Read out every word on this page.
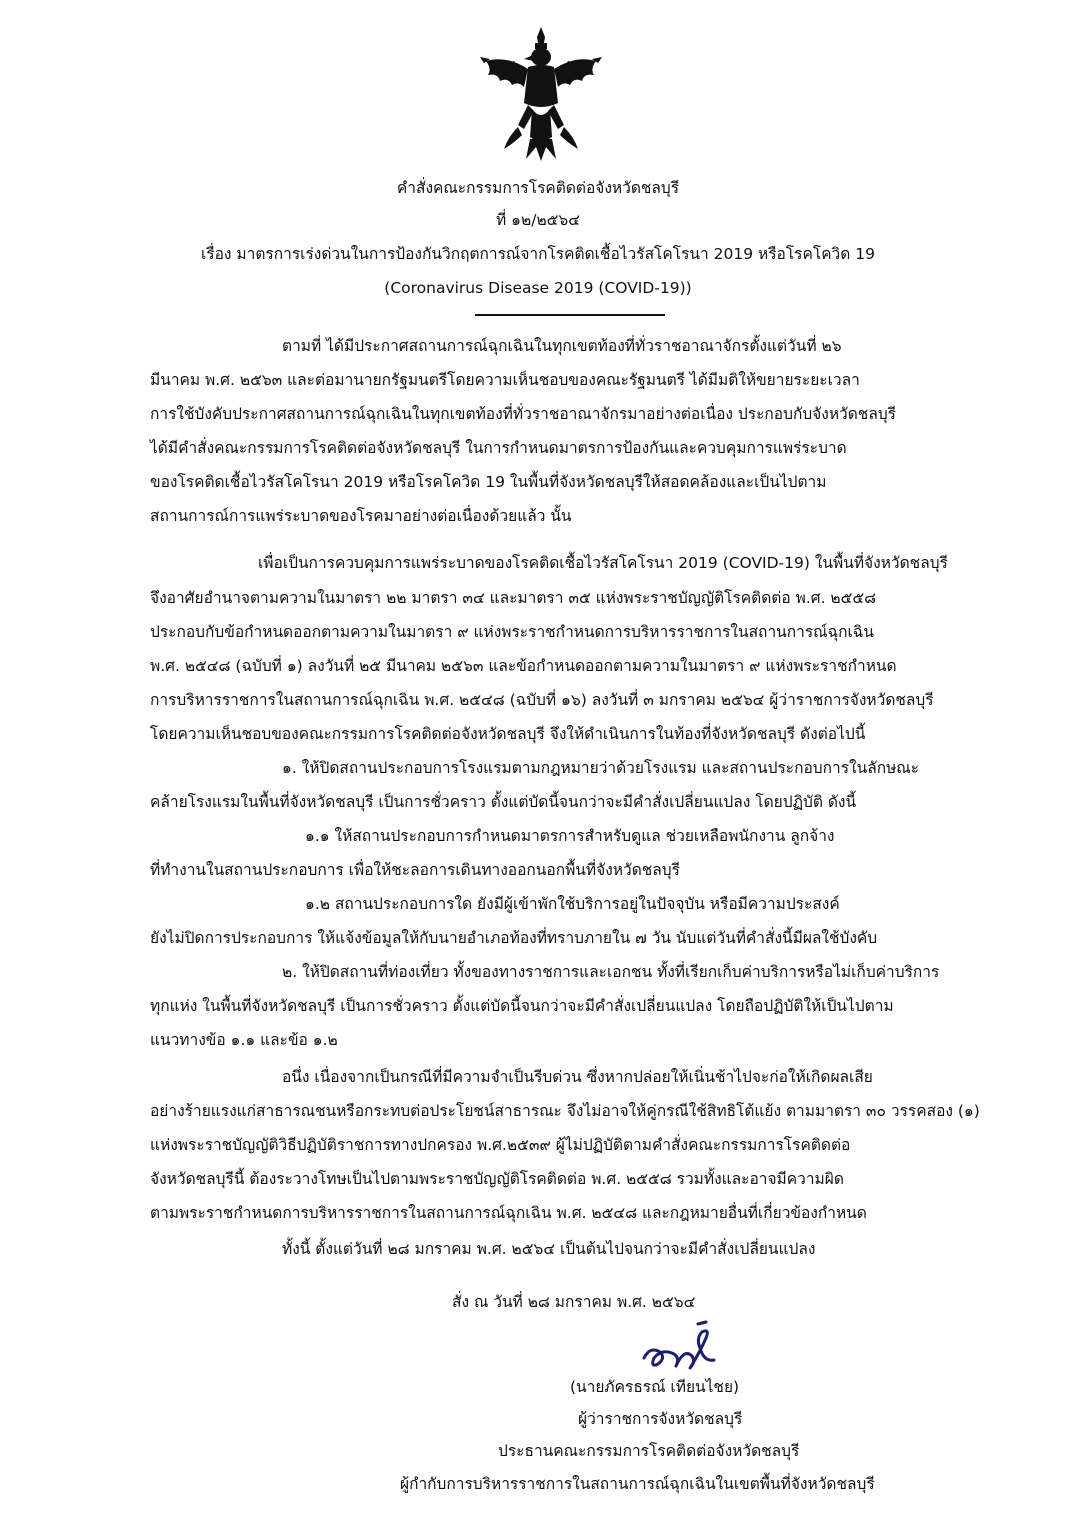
คำสั่งคณะกรรมการโรคติดต่อจังหวัดชลบุรี
ที่ ๑๒/๒๕๖๔
เรื่อง มาตรการเร่งด่วนในการป้องกันวิกฤตการณ์จากโรคติดเชื้อไวรัสโคโรนา 2019 หรือโรคโควิด 19
(Coronavirus Disease 2019 (COVID-19))
ตามที่ ได้มีประกาศสถานการณ์ฉุกเฉินในทุกเขตท้องที่ทั่วราชอาณาจักรตั้งแต่วันที่ ๒๖
มีนาคม พ.ศ. ๒๕๖๓ และต่อมานายกรัฐมนตรีโดยความเห็นชอบของคณะรัฐมนตรี ได้มีมติให้ขยายระยะเวลา
การใช้บังคับประกาศสถานการณ์ฉุกเฉินในทุกเขตท้องที่ทั่วราชอาณาจักรมาอย่างต่อเนื่อง ประกอบกับจังหวัดชลบุรี
ได้มีคำสั่งคณะกรรมการโรคติดต่อจังหวัดชลบุรี ในการกำหนดมาตรการป้องกันและควบคุมการแพร่ระบาด
ของโรคติดเชื้อไวรัสโคโรนา 2019 หรือโรคโควิด 19 ในพื้นที่จังหวัดชลบุรีให้สอดคล้องและเป็นไปตาม
สถานการณ์การแพร่ระบาดของโรคมาอย่างต่อเนื่องด้วยแล้ว นั้น
เพื่อเป็นการควบคุมการแพร่ระบาดของโรคติดเชื้อไวรัสโคโรนา 2019 (COVID-19) ในพื้นที่จังหวัดชลบุรี
จึงอาศัยอำนาจตามความในมาตรา ๒๒ มาตรา ๓๔ และมาตรา ๓๕ แห่งพระราชบัญญัติโรคติดต่อ พ.ศ. ๒๕๕๘
ประกอบกับข้อกำหนดออกตามความในมาตรา ๙ แห่งพระราชกำหนดการบริหารราชการในสถานการณ์ฉุกเฉิน
พ.ศ. ๒๕๔๘ (ฉบับที่ ๑) ลงวันที่ ๒๕ มีนาคม ๒๕๖๓ และข้อกำหนดออกตามความในมาตรา ๙ แห่งพระราชกำหนด
การบริหารราชการในสถานการณ์ฉุกเฉิน พ.ศ. ๒๕๔๘ (ฉบับที่ ๑๖) ลงวันที่ ๓ มกราคม ๒๕๖๔ ผู้ว่าราชการจังหวัดชลบุรี
โดยความเห็นชอบของคณะกรรมการโรคติดต่อจังหวัดชลบุรี จึงให้ดำเนินการในท้องที่จังหวัดชลบุรี ดังต่อไปนี้
๑. ให้ปิดสถานประกอบการโรงแรมตามกฎหมายว่าด้วยโรงแรม และสถานประกอบการในลักษณะ
คล้ายโรงแรมในพื้นที่จังหวัดชลบุรี เป็นการชั่วคราว ตั้งแต่บัดนี้จนกว่าจะมีคำสั่งเปลี่ยนแปลง โดยปฏิบัติ ดังนี้
๑.๑ ให้สถานประกอบการกำหนดมาตรการสำหรับดูแล ช่วยเหลือพนักงาน ลูกจ้าง
ที่ทำงานในสถานประกอบการ เพื่อให้ชะลอการเดินทางออกนอกพื้นที่จังหวัดชลบุรี
๑.๒ สถานประกอบการใด ยังมีผู้เข้าพักใช้บริการอยู่ในปัจจุบัน หรือมีความประสงค์
ยังไม่ปิดการประกอบการ ให้แจ้งข้อมูลให้กับนายอำเภอท้องที่ทราบภายใน ๗ วัน นับแต่วันที่คำสั่งนี้มีผลใช้บังคับ
๒. ให้ปิดสถานที่ท่องเที่ยว ทั้งของทางราชการและเอกชน ทั้งที่เรียกเก็บค่าบริการหรือไม่เก็บค่าบริการ
ทุกแห่ง ในพื้นที่จังหวัดชลบุรี เป็นการชั่วคราว ตั้งแต่บัดนี้จนกว่าจะมีคำสั่งเปลี่ยนแปลง โดยถือปฏิบัติให้เป็นไปตาม
แนวทางข้อ ๑.๑ และข้อ ๑.๒
อนึ่ง เนื่องจากเป็นกรณีที่มีความจำเป็นรีบด่วน ซึ่งหากปล่อยให้เนิ่นช้าไปจะก่อให้เกิดผลเสีย
อย่างร้ายแรงแก่สาธารณชนหรือกระทบต่อประโยชน์สาธารณะ จึงไม่อาจให้คู่กรณีใช้สิทธิโต้แย้ง ตามมาตรา ๓๐ วรรคสอง (๑)
แห่งพระราชบัญญัติวิธีปฏิบัติราชการทางปกครอง พ.ศ.๒๕๓๙ ผู้ไม่ปฏิบัติตามคำสั่งคณะกรรมการโรคติดต่อ
จังหวัดชลบุรีนี้ ต้องระวางโทษเป็นไปตามพระราชบัญญัติโรคติดต่อ พ.ศ. ๒๕๕๘ รวมทั้งและอาจมีความผิด
ตามพระราชกำหนดการบริหารราชการในสถานการณ์ฉุกเฉิน พ.ศ. ๒๕๔๘ และกฎหมายอื่นที่เกี่ยวข้องกำหนด
ทั้งนี้ ตั้งแต่วันที่ ๒๘ มกราคม พ.ศ. ๒๕๖๔ เป็นต้นไปจนกว่าจะมีคำสั่งเปลี่ยนแปลง
สั่ง ณ วันที่ ๒๘ มกราคม พ.ศ. ๒๕๖๔
(นายภัครธรณ์ เทียนไชย)
ผู้ว่าราชการจังหวัดชลบุรี
ประธานคณะกรรมการโรคติดต่อจังหวัดชลบุรี
ผู้กำกับการบริหารราชการในสถานการณ์ฉุกเฉินในเขตพื้นที่จังหวัดชลบุรี
